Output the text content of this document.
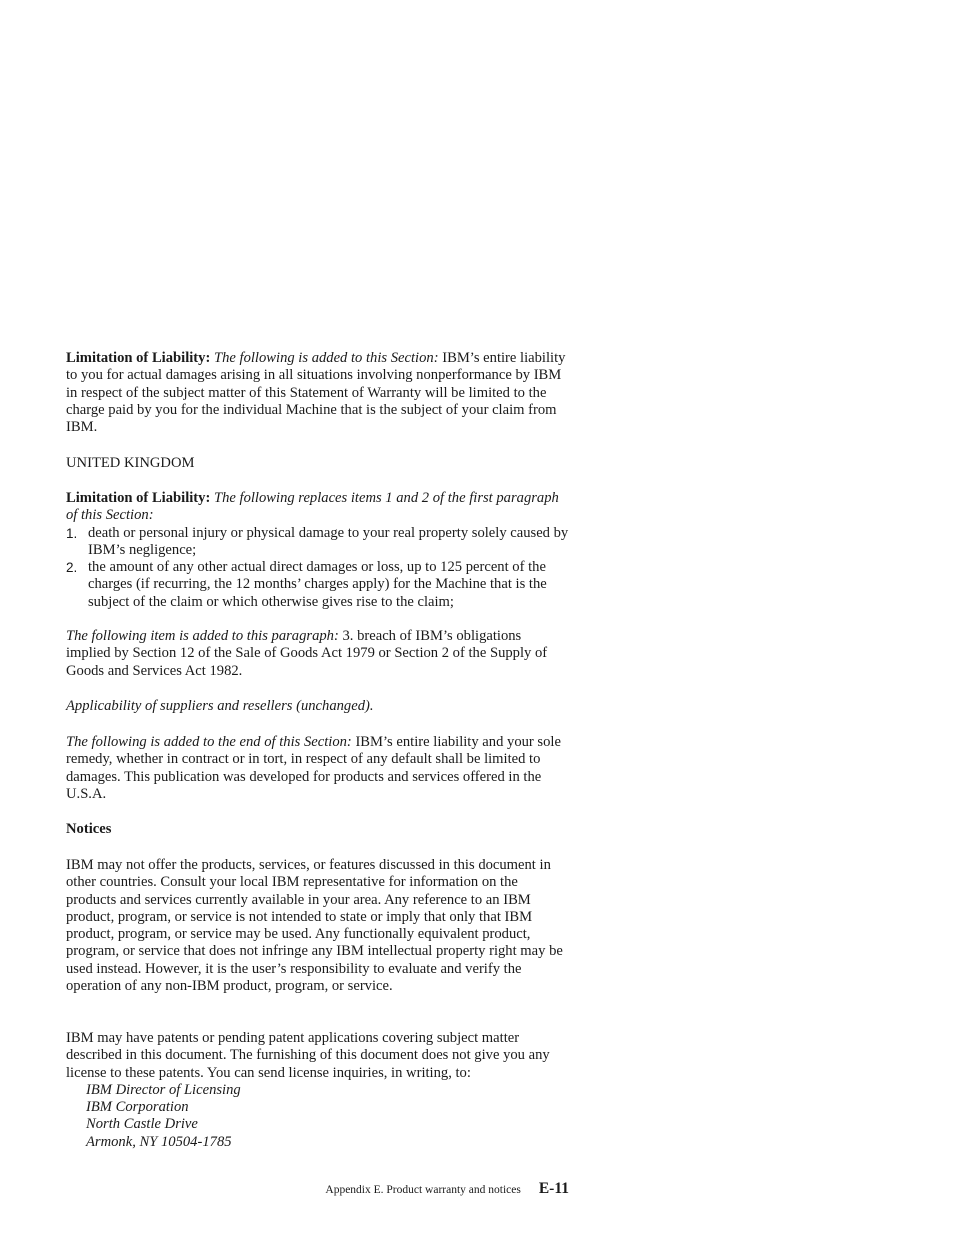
Limitation of Liability: The following is added to this Section: IBM’s entire liability to you for actual damages arising in all situations involving nonperformance by IBM in respect of the subject matter of this Statement of Warranty will be limited to the charge paid by you for the individual Machine that is the subject of your claim from IBM.

UNITED KINGDOM

Limitation of Liability: The following replaces items 1 and 2 of the first paragraph of this Section:
1. death or personal injury or physical damage to your real property solely caused by IBM’s negligence;
2. the amount of any other actual direct damages or loss, up to 125 percent of the charges (if recurring, the 12 months’ charges apply) for the Machine that is the subject of the claim or which otherwise gives rise to the claim;

The following item is added to this paragraph: 3. breach of IBM’s obligations implied by Section 12 of the Sale of Goods Act 1979 or Section 2 of the Supply of Goods and Services Act 1982.

Applicability of suppliers and resellers (unchanged).

The following is added to the end of this Section: IBM’s entire liability and your sole remedy, whether in contract or in tort, in respect of any default shall be limited to damages. This publication was developed for products and services offered in the U.S.A.

Notices

IBM may not offer the products, services, or features discussed in this document in other countries. Consult your local IBM representative for information on the products and services currently available in your area. Any reference to an IBM product, program, or service is not intended to state or imply that only that IBM product, program, or service may be used. Any functionally equivalent product, program, or service that does not infringe any IBM intellectual property right may be used instead. However, it is the user’s responsibility to evaluate and verify the operation of any non-IBM product, program, or service.

IBM may have patents or pending patent applications covering subject matter described in this document. The furnishing of this document does not give you any license to these patents. You can send license inquiries, in writing, to:
IBM Director of Licensing
IBM Corporation
North Castle Drive
Armonk, NY 10504-1785
Appendix E. Product warranty and notices E-11
